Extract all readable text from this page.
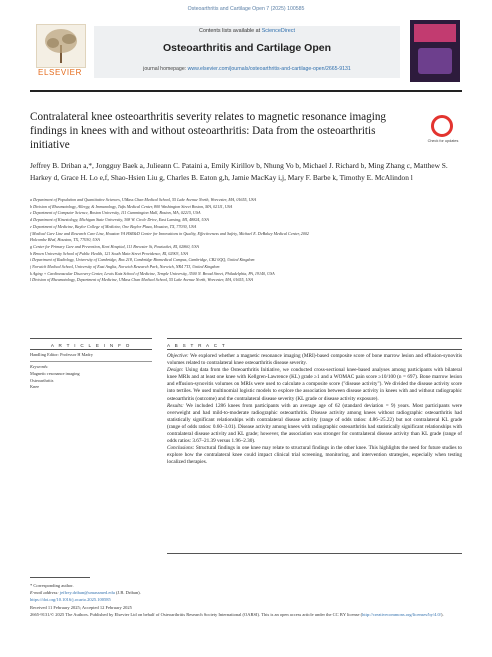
Osteoarthritis and Cartilage Open 7 (2025) 100585
ELSEVIER
Contents lists available at ScienceDirect
Osteoarthritis and Cartilage Open
journal homepage: www.elsevier.com/journals/osteoarthritis-and-cartilage-open/2665-9131
Contralateral knee osteoarthritis severity relates to magnetic resonance imaging findings in knees with and without osteoarthritis: Data from the osteoarthritis initiative	Check for updates
Jeffrey B. Driban a,*, Jongguy Baek a, Julieann C. Pataini a, Emily Kirillov b, Nhung Vo b, Michael J. Richard b, Ming Zhang c, Matthew S. Harkey d, Grace H. Lo e,f, Shao-Hsien Liu g, Charles B. Eaton g,h, Jamie MacKay i,j, Mary F. Barbe k, Timothy E. McAlindon l
a Department of Population and Quantitative Sciences, UMass Chan Medical School, 55 Lake Avenue North, Worcester, MA, 01655, USA
b Division of Rheumatology, Allergy, & Immunology, Tufts Medical Center, 800 Washington Street Boston, MA, 02111, USA
c Department of Computer Science, Boston University, 111 Cummington Mall, Boston, MA, 02215, USA
d Department of Kinesiology, Michigan State University, 308 W. Circle Drive, East Lansing, MI, 48824, USA
e Department of Medicine, Baylor College of Medicine, One Baylor Plaza, Houston, TX, 77030, USA
f Medical Care Line and Research Care Line, Houston VA HSR&D Center for Innovations in Quality, Effectiveness and Safety, Michael E. DeBakey Medical Center, 2002
Holcombe Blvd, Houston, TX, 77030, USA
g Center for Primary Care and Prevention, Kent Hospital, 111 Brewster St, Pawtucket, RI, 02860, USA
h Brown University School of Public Health, 121 South Main Street Providence, RI, 02903, USA
i Department of Radiology, University of Cambridge, Box 218, Cambridge Biomedical Campus, Cambridge, CB2 0QQ, United Kingdom
j Norwich Medical School, University of East Anglia, Norwich Research Park, Norwich, NR4 7TJ, United Kingdom
k Aging + Cardiovascular Discovery Center, Lewis Katz School of Medicine, Temple University, 3500 N. Broad Street, Philadelphia, PA, 19140, USA
l Division of Rheumatology, Department of Medicine, UMass Chan Medical School, 55 Lake Avenue North, Worcester, MA, 01655, USA
A R T I C L E I N F O	A B S T R A C T
Handling Editor: Professor H Madry
Keywords:
Magnetic resonance imaging
Osteoarthritis
Knee

Objective: We explored whether a magnetic resonance imaging (MRI)-based composite score of bone marrow lesion and effusion-synovitis volumes related to contralateral knee osteoarthritis disease severity.

Design: Using data from the Osteoarthritis Initiative, we conducted cross-sectional knee-based analyses among participants with bilateral knee MRIs and at least one knee with Kellgren-Lawrence (KL) grade ≥1 and a WOMAC pain score ≥10/100 (n = 697). Bone marrow lesion and effusion-synovitis volumes on MRIs were used to calculate a composite score ("disease activity"). We divided the disease activity score into tertiles. We used multinomial logistic models to explore the association between disease activity in knees with and without radiographic osteoarthritis (outcome) and the contralateral disease severity (KL grade or disease activity exposure).

Results: We included 1286 knees from participants with an average age of 62 (standard deviation = 9) years. Most participants were overweight and had mild-to-moderate radiographic osteoarthritis. Disease activity among knees without radiographic osteoarthritis had statistically significant relationships with contralateral disease activity (range of odds ratios: 4.86–25.22) but not contralateral KL grade (range of odds ratios: 0.60–3.01). Disease activity among knees with radiographic osteoarthritis had statistically significant relationships with contralateral disease activity and KL grade; however, the association was stronger for contralateral disease activity than KL grade (range of odds ratios: 3.67–21.39 versus 1.96–2.30).

Conclusions: Structural findings in one knee may relate to structural findings in the other knee. This highlights the need for future studies to explore how the contralateral knee could impact clinical trial screening, monitoring, and intervention strategies, especially when testing localized therapies.

* Corresponding author.
E-mail address: jeffrey.driban@umassmed.edu (J.B. Driban).
https://doi.org/10.1016/j.ocarto.2025.100585
Received 11 February 2025; Accepted 12 February 2025
2665-9131/© 2025 The Authors. Published by Elsevier Ltd on behalf of Osteoarthritis Research Society International (OARSI). This is an open access article under the CC BY license (http://creativecommons.org/licenses/by/4.0/).
